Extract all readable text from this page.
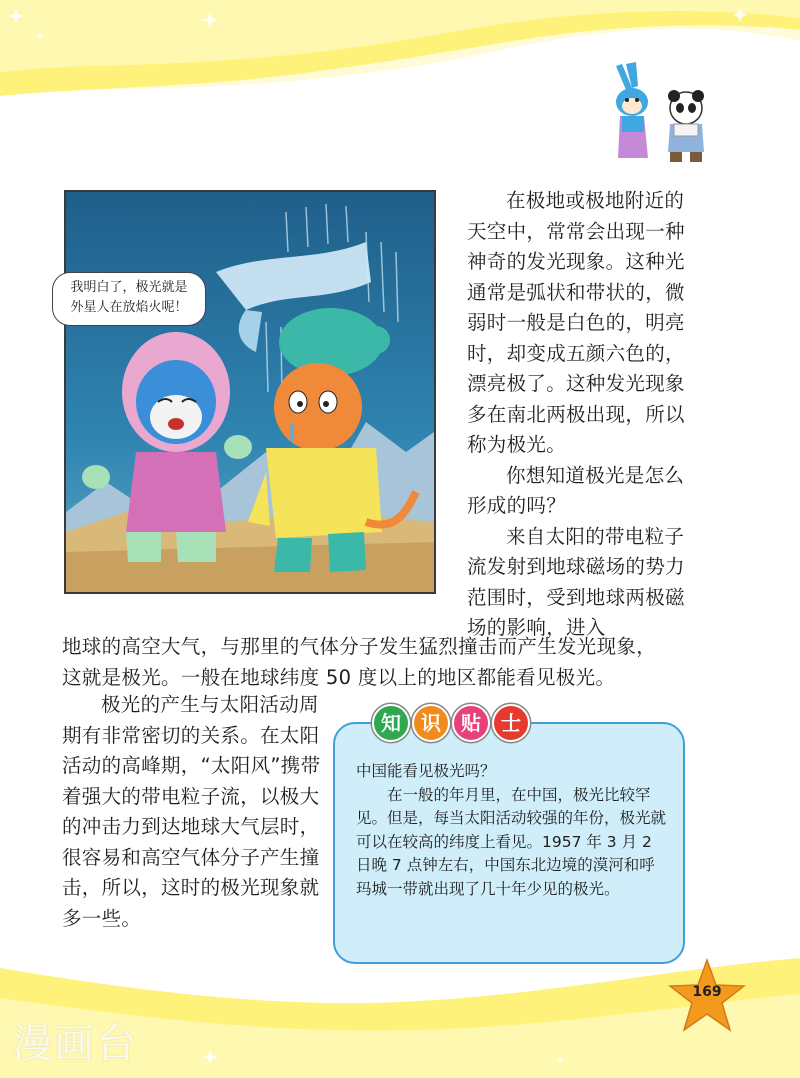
我明白了，极光就是
外星人在放焰火呢！

在极地或极地附近的天空中，常常会出现一种神奇的发光现象。这种光通常是弧状和带状的，微弱时一般是白色的，明亮时，却变成五颜六色的，漂亮极了。这种发光现象多在南北两极出现，所以称为极光。

你想知道极光是怎么形成的吗？

来自太阳的带电粒子流发射到地球磁场的势力范围时，受到地球两极磁场的影响，进入

地球的高空大气，与那里的气体分子发生猛烈撞击而产生发光现象，

这就是极光。一般在地球纬度 50 度以上的地区都能看见极光。

极光的产生与太阳活动周期有非常密切的关系。在太阳活动的高峰期，“太阳风”携带着强大的带电粒子流，以极大的冲击力到达地球大气层时，很容易和高空气体分子产生撞击，所以，这时的极光现象就多一些。

知	识	贴	士

中国能看见极光吗？

在一般的年月里，在中国，极光比较罕见。但是，每当太阳活动较强的年份，极光就可以在较高的纬度上看见。1957 年 3 月 2 日晚 7 点钟左右，中国东北边境的漠河和呼玛城一带就出现了几十年少见的极光。

169
漫画台
